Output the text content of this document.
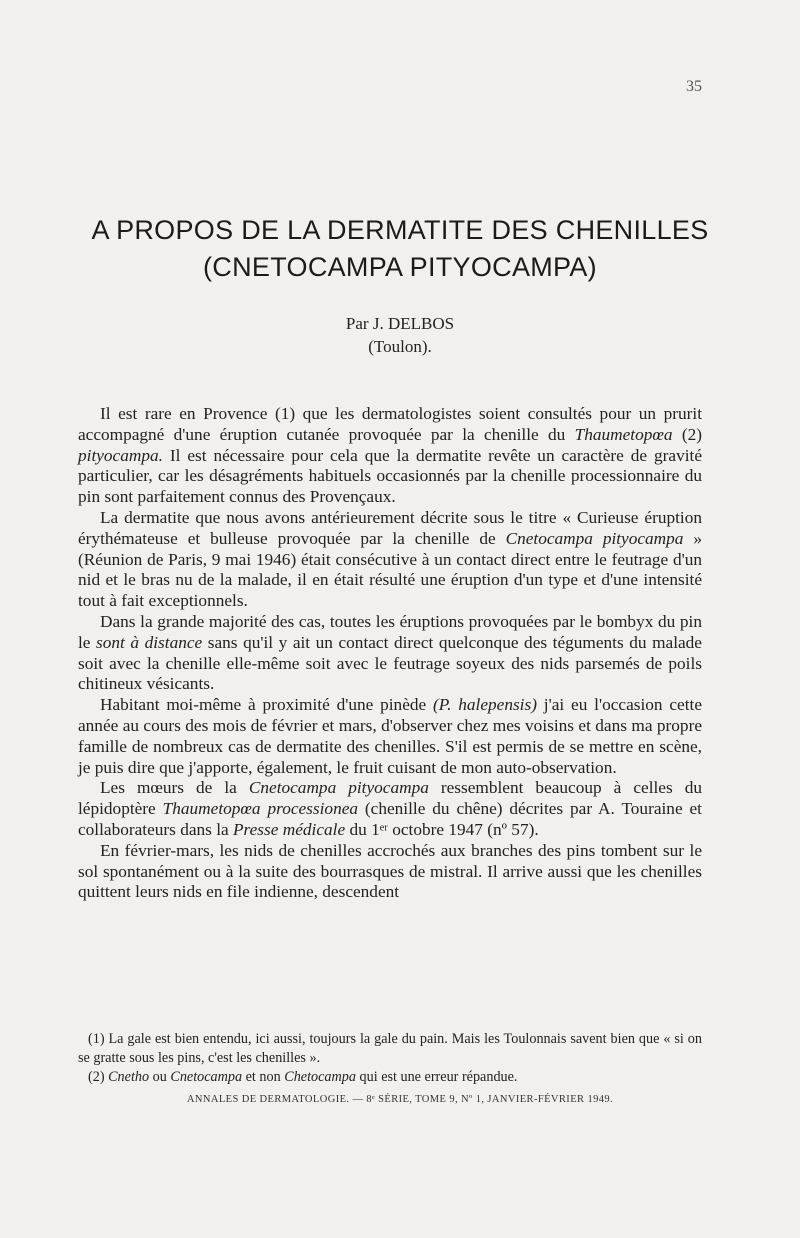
35
A PROPOS DE LA DERMATITE DES CHENILLES
(CNETOCAMPA PITYOCAMPA)
Par J. DELBOS
(Toulon).

Il est rare en Provence (1) que les dermatologistes soient consultés pour un prurit accompagné d'une éruption cutanée provoquée par la chenille du Thaumetopœa (2) pityocampa. Il est nécessaire pour cela que la dermatite revête un caractère de gravité particulier, car les désagréments habituels occasionnés par la chenille processionnaire du pin sont parfaitement connus des Provençaux.

La dermatite que nous avons antérieurement décrite sous le titre « Curieuse éruption érythémateuse et bulleuse provoquée par la chenille de Cnetocampa pityocampa » (Réunion de Paris, 9 mai 1946) était consécutive à un contact direct entre le feutrage d'un nid et le bras nu de la malade, il en était résulté une éruption d'un type et d'une intensité tout à fait exceptionnels.

Dans la grande majorité des cas, toutes les éruptions provoquées par le bombyx du pin le sont à distance sans qu'il y ait un contact direct quelconque des téguments du malade soit avec la chenille elle-même soit avec le feutrage soyeux des nids parsemés de poils chitineux vésicants.

Habitant moi-même à proximité d'une pinède (P. halepensis) j'ai eu l'occasion cette année au cours des mois de février et mars, d'observer chez mes voisins et dans ma propre famille de nombreux cas de dermatite des chenilles. S'il est permis de se mettre en scène, je puis dire que j'apporte, également, le fruit cuisant de mon auto-observation.

Les mœurs de la Cnetocampa pityocampa ressemblent beaucoup à celles du lépidoptère Thaumetopœa processionea (chenille du chêne) décrites par A. Touraine et collaborateurs dans la Presse médicale du 1ᵉʳ octobre 1947 (nº 57).

En février-mars, les nids de chenilles accrochés aux branches des pins tombent sur le sol spontanément ou à la suite des bourrasques de mistral. Il arrive aussi que les chenilles quittent leurs nids en file indienne, descendent

(1) La gale est bien entendu, ici aussi, toujours la gale du pain. Mais les Toulonnais savent bien que « si on se gratte sous les pins, c'est les chenilles ».

(2) Cnetho ou Cnetocampa et non Chetocampa qui est une erreur répandue.

ANNALES DE DERMATOLOGIE. — 8ᵉ SÉRIE, TOME 9, Nº 1, JANVIER-FÉVRIER 1949.
